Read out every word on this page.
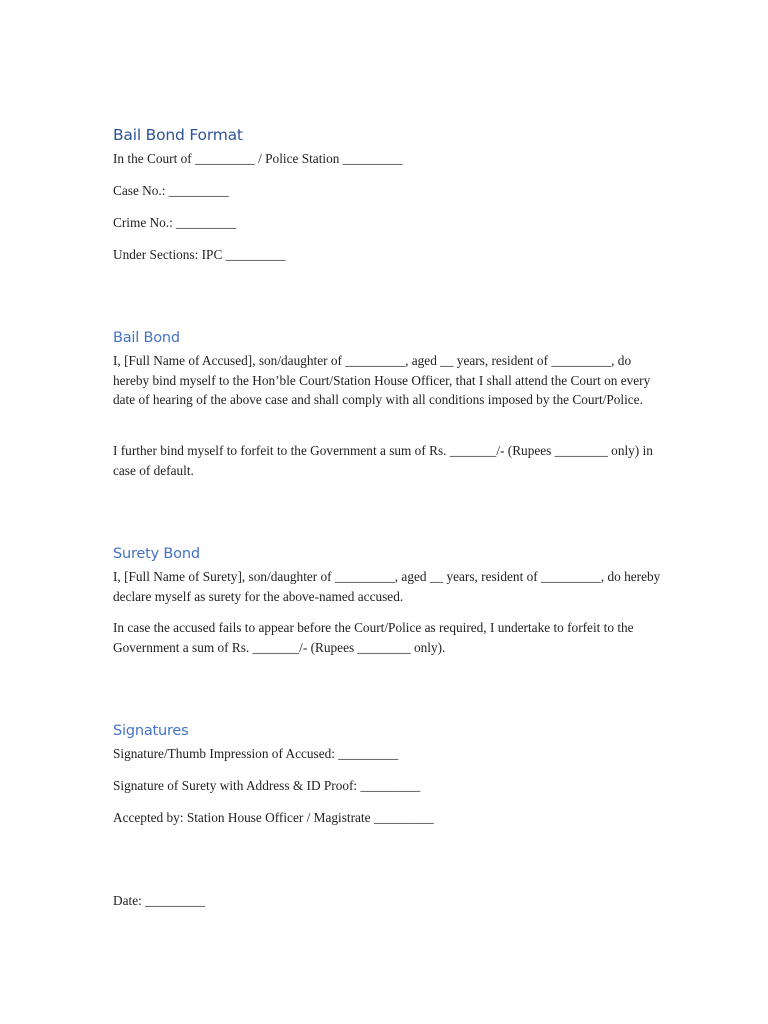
Bail Bond Format

In the Court of _________ / Police Station _________

Case No.: _________

Crime No.: _________

Under Sections: IPC _________

Bail Bond

I, [Full Name of Accused], son/daughter of _________, aged __ years, resident of _________, do hereby bind myself to the Hon’ble Court/Station House Officer, that I shall attend the Court on every date of hearing of the above case and shall comply with all conditions imposed by the Court/Police.

I further bind myself to forfeit to the Government a sum of Rs. _______/- (Rupees ________ only) in case of default.

Surety Bond

I, [Full Name of Surety], son/daughter of _________, aged __ years, resident of _________, do hereby declare myself as surety for the above-named accused.

In case the accused fails to appear before the Court/Police as required, I undertake to forfeit to the Government a sum of Rs. _______/- (Rupees ________ only).

Signatures

Signature/Thumb Impression of Accused: _________

Signature of Surety with Address & ID Proof: _________

Accepted by: Station House Officer / Magistrate _________

Date: _________
